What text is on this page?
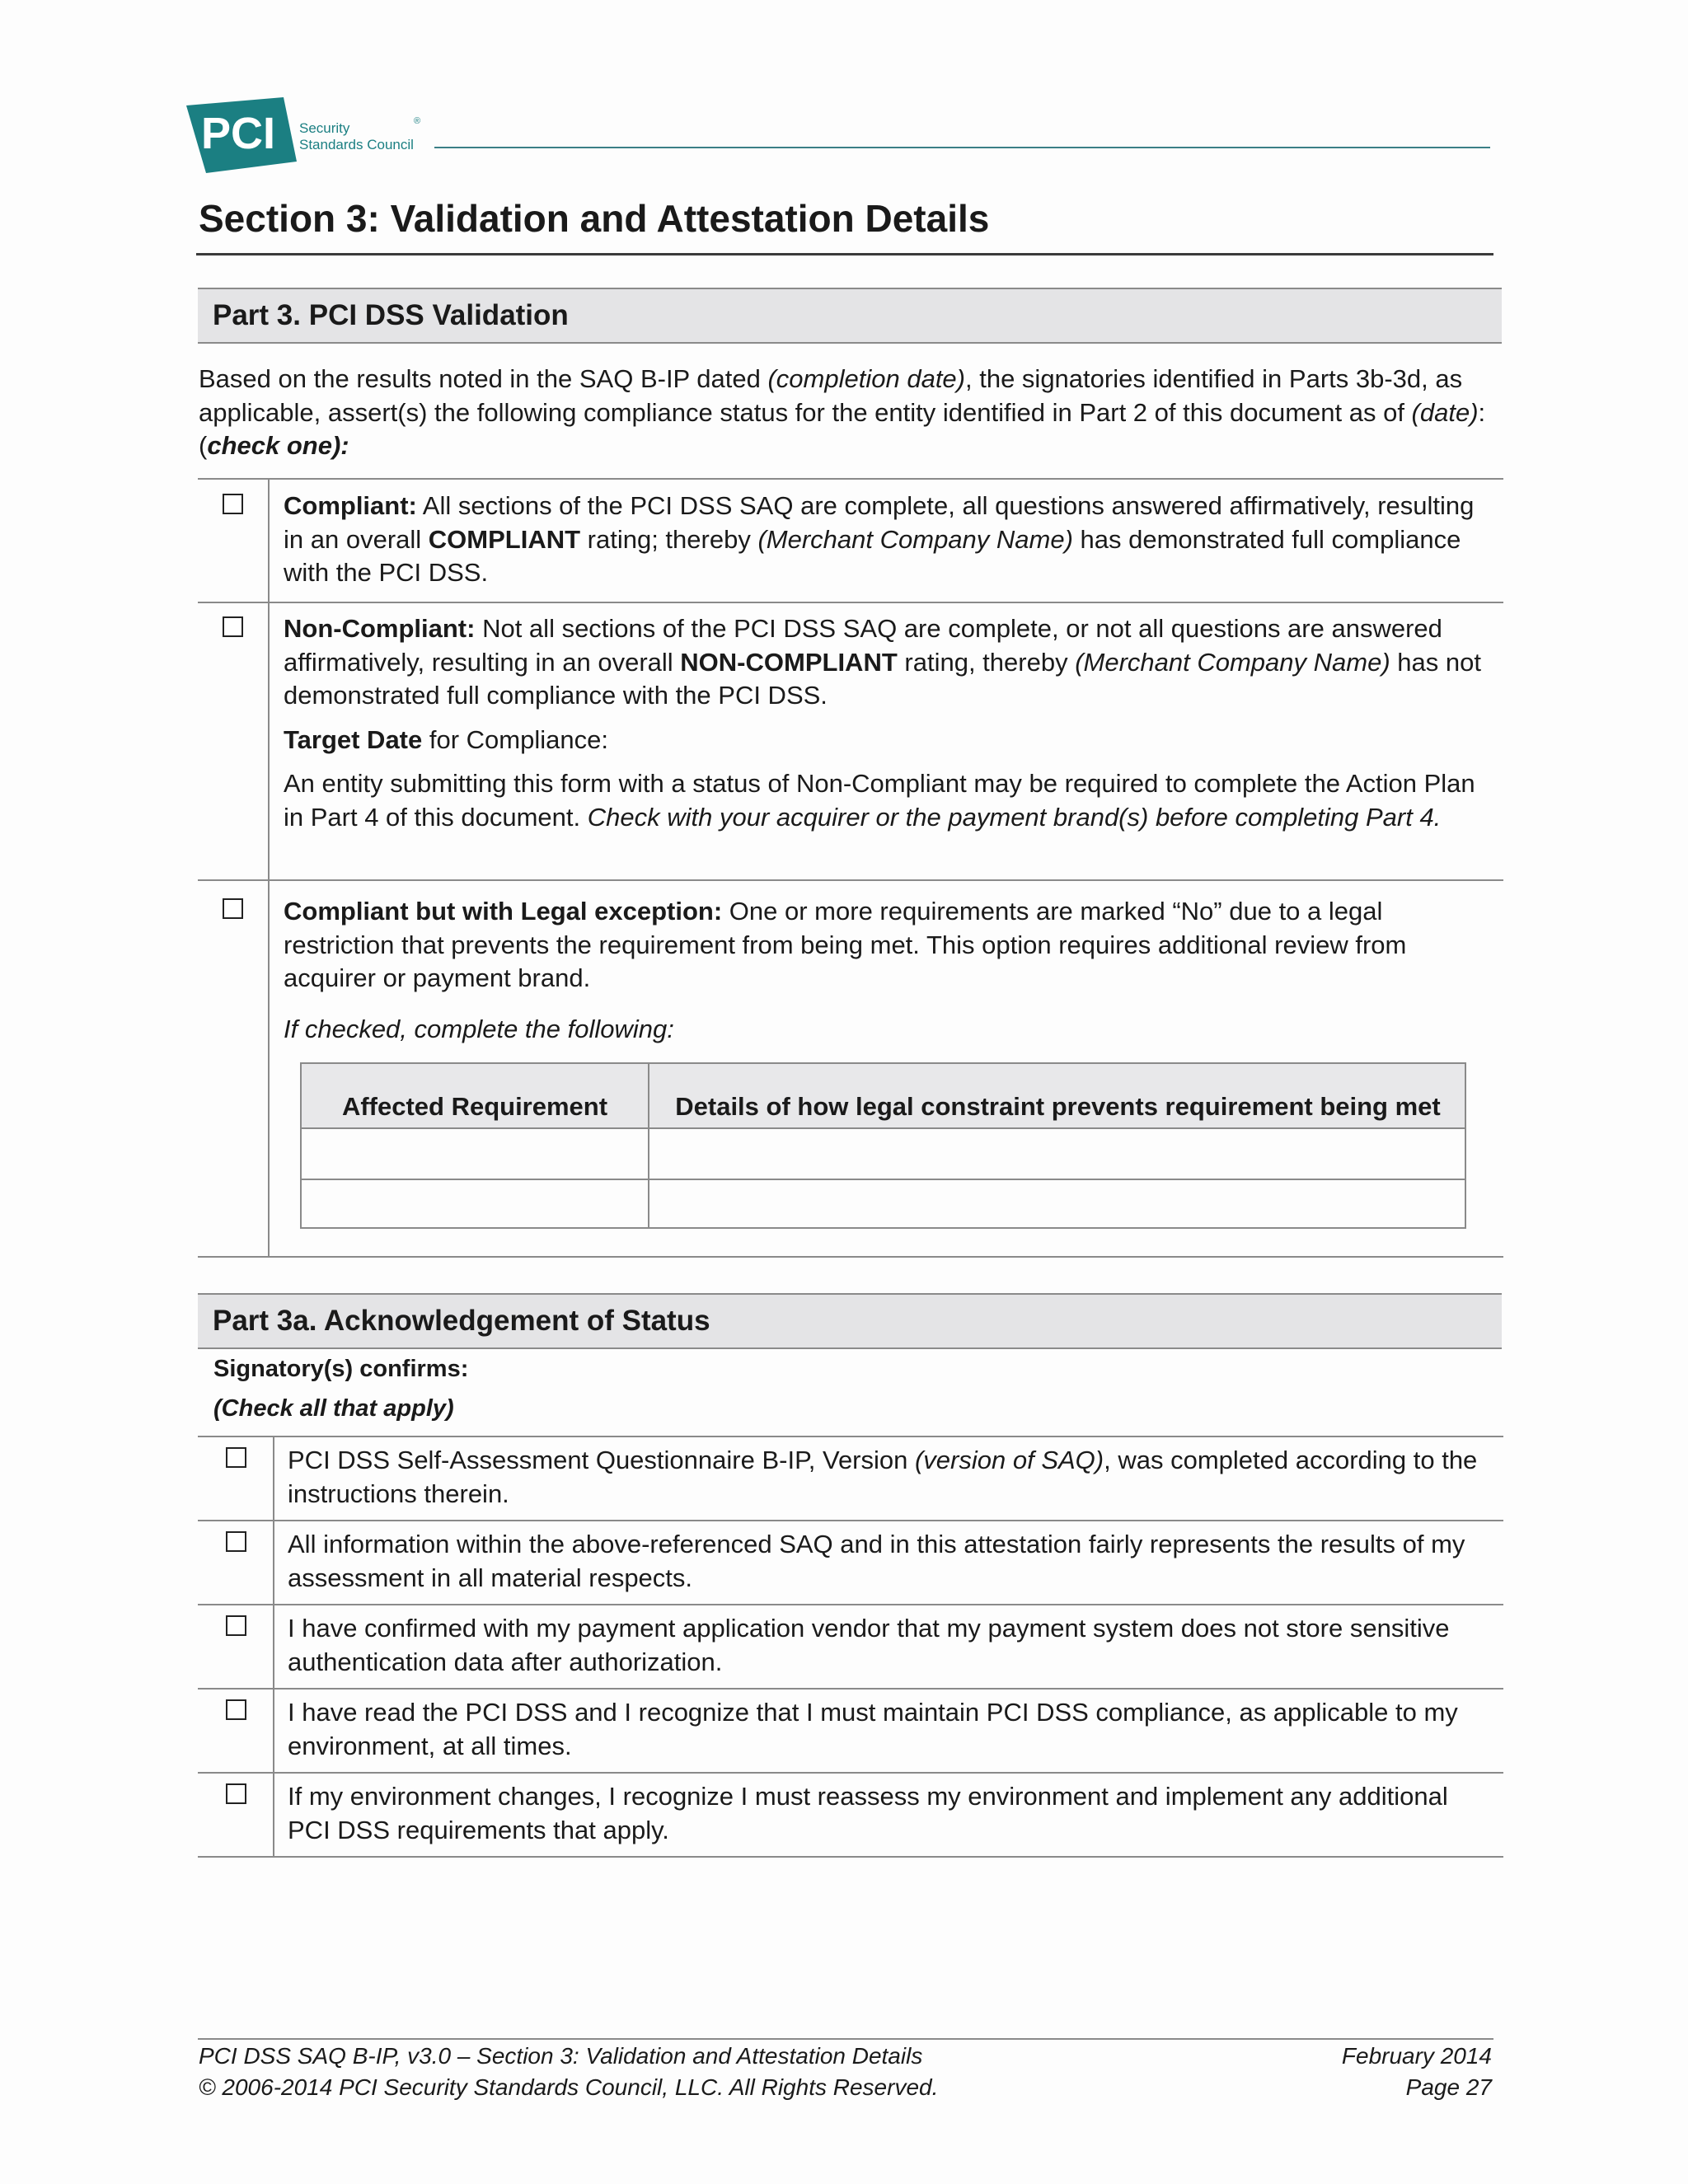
PCI Security
Standards Council
®
Section 3: Validation and Attestation Details
Part 3. PCI DSS Validation
Based on the results noted in the SAQ B-IP dated (completion date), the signatories identified in Parts 3b-3d, as applicable, assert(s) the following compliance status for the entity identified in Part 2 of this document as of (date): (check one):
Compliant: All sections of the PCI DSS SAQ are complete, all questions answered affirmatively, resulting in an overall COMPLIANT rating; thereby (Merchant Company Name) has demonstrated full compliance with the PCI DSS.
Non-Compliant: Not all sections of the PCI DSS SAQ are complete, or not all questions are answered affirmatively, resulting in an overall NON-COMPLIANT rating, thereby (Merchant Company Name) has not demonstrated full compliance with the PCI DSS.
Target Date for Compliance:
An entity submitting this form with a status of Non-Compliant may be required to complete the Action Plan in Part 4 of this document. Check with your acquirer or the payment brand(s) before completing Part 4.
Compliant but with Legal exception: One or more requirements are marked “No” due to a legal restriction that prevents the requirement from being met. This option requires additional review from acquirer or payment brand.
If checked, complete the following:
Affected Requirement	Details of how legal constraint prevents requirement being met
Part 3a. Acknowledgement of Status
Signatory(s) confirms:
(Check all that apply)
PCI DSS Self-Assessment Questionnaire B-IP, Version (version of SAQ), was completed according to the instructions therein.
All information within the above-referenced SAQ and in this attestation fairly represents the results of my assessment in all material respects.
I have confirmed with my payment application vendor that my payment system does not store sensitive authentication data after authorization.
I have read the PCI DSS and I recognize that I must maintain PCI DSS compliance, as applicable to my environment, at all times.
If my environment changes, I recognize I must reassess my environment and implement any additional PCI DSS requirements that apply.
PCI DSS SAQ B-IP, v3.0 – Section 3: Validation and Attestation Details
© 2006-2014 PCI Security Standards Council, LLC. All Rights Reserved.
February 2014
Page 27
